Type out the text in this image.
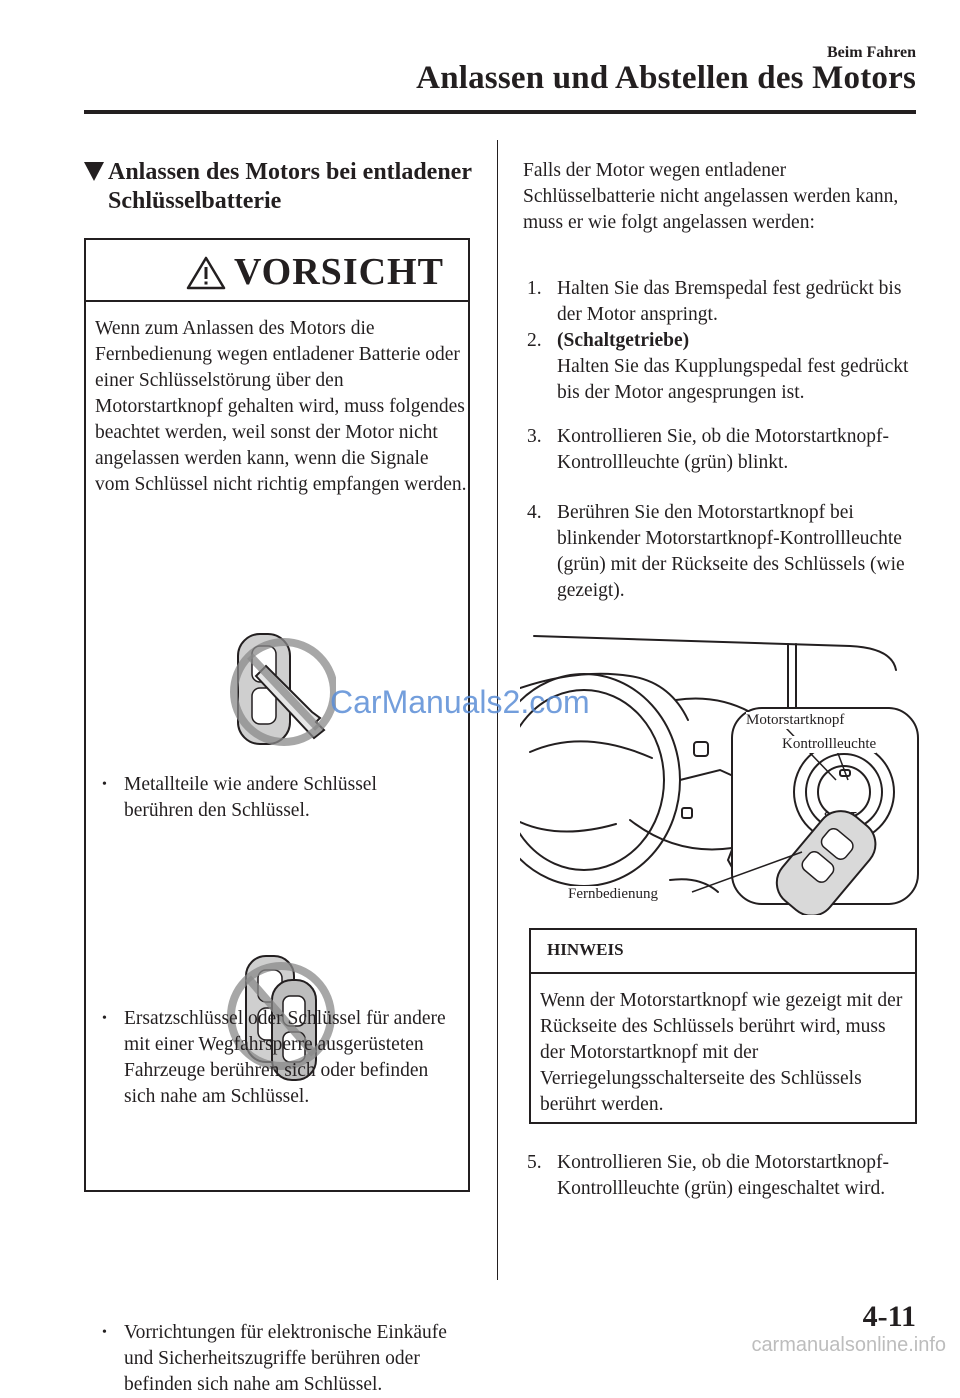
Beim Fahren
Anlassen und Abstellen des Motors
Anlassen des Motors bei entladener Schlüsselbatterie
VORSICHT
Wenn zum Anlassen des Motors die Fernbedienung wegen entladener Batterie oder einer Schlüsselstörung über den Motorstartknopf gehalten wird, muss folgendes beachtet werden, weil sonst der Motor nicht angelassen werden kann, wenn die Signale vom Schlüssel nicht richtig empfangen werden.
• Metallteile wie andere Schlüssel berühren den Schlüssel.
• Ersatzschlüssel oder Schlüssel für andere mit einer Wegfahrsperre ausgerüsteten Fahrzeuge berühren sich oder befinden sich nahe am Schlüssel.
• Vorrichtungen für elektronische Einkäufe und Sicherheitszugriffe berühren oder befinden sich nahe am Schlüssel.
Falls der Motor wegen entladener Schlüsselbatterie nicht angelassen werden kann, muss er wie folgt angelassen werden:
1. Halten Sie das Bremspedal fest gedrückt bis der Motor anspringt.
2. (Schaltgetriebe)
Halten Sie das Kupplungspedal fest gedrückt bis der Motor angesprungen ist.
3. Kontrollieren Sie, ob die Motorstartknopf-Kontrollleuchte (grün) blinkt.
4. Berühren Sie den Motorstartknopf bei blinkender Motorstartknopf-Kontrollleuchte (grün) mit der Rückseite des Schlüssels (wie gezeigt).
Motorstartknopf
Kontrollleuchte
Fernbedienung
HINWEIS
Wenn der Motorstartknopf wie gezeigt mit der Rückseite des Schlüssels berührt wird, muss der Motorstartknopf mit der Verriegelungsschalterseite des Schlüssels berührt werden.
5. Kontrollieren Sie, ob die Motorstartknopf-Kontrollleuchte (grün) eingeschaltet wird.
4-11
CarManuals2.com
carmanualsonline.info
